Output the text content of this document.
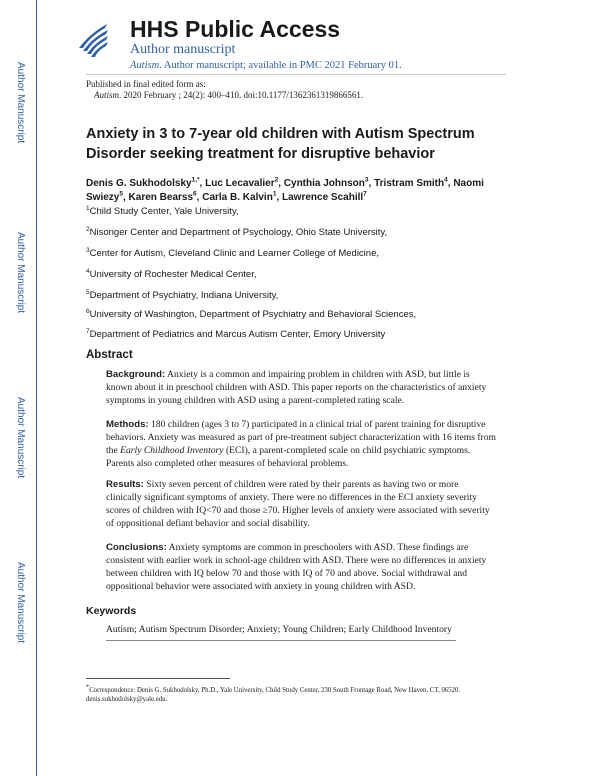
Author Manuscript
Author Manuscript
Author Manuscript
Author Manuscript
HHS Public Access
Author manuscript
Autism. Author manuscript; available in PMC 2021 February 01.
Published in final edited form as:
Autism. 2020 February ; 24(2): 400–410. doi:10.1177/1362361319866561.
Anxiety in 3 to 7-year old children with Autism Spectrum Disorder seeking treatment for disruptive behavior
Denis G. Sukhodolsky$^{1,*}$, Luc Lecavalier$^2$, Cynthia Johnson$^3$, Tristram Smith$^4$, Naomi Swiezy$^5$, Karen Bearss$^6$, Carla B. Kalvin$^1$, Lawrence Scahill$^7$
$^1$Child Study Center, Yale University,
$^2$Nisonger Center and Department of Psychology, Ohio State University,
$^3$Center for Autism, Cleveland Clinic and Learner College of Medicine,
$^4$University of Rochester Medical Center,
$^5$Department of Psychiatry, Indiana University,
$^6$University of Washington, Department of Psychiatry and Behavioral Sciences,
$^7$Department of Pediatrics and Marcus Autism Center, Emory University
Abstract
Background: Anxiety is a common and impairing problem in children with ASD, but little is known about it in preschool children with ASD. This paper reports on the characteristics of anxiety symptoms in young children with ASD using a parent-completed rating scale.
Methods: 180 children (ages 3 to 7) participated in a clinical trial of parent training for disruptive behaviors. Anxiety was measured as part of pre-treatment subject characterization with 16 items from the Early Childhood Inventory (ECI), a parent-completed scale on child psychiatric symptoms. Parents also completed other measures of behavioral problems.
Results: Sixty seven percent of children were rated by their parents as having two or more clinically significant symptoms of anxiety. There were no differences in the ECI anxiety severity scores of children with IQ<70 and those ≥70. Higher levels of anxiety were associated with severity of oppositional defiant behavior and social disability.
Conclusions: Anxiety symptoms are common in preschoolers with ASD. These findings are consistent with earlier work in school-age children with ASD. There were no differences in anxiety between children with IQ below 70 and those with IQ of 70 and above. Social withdrawal and oppositional behavior were associated with anxiety in young children with ASD.
Keywords
Autism; Autism Spectrum Disorder; Anxiety; Young Children; Early Childhood Inventory
*Correspondence: Denis G. Sukhodolsky, Ph.D., Yale University, Child Study Center, 230 South Frontage Road, New Haven, CT, 06520. denis.sukhodolsky@yale.edu.
